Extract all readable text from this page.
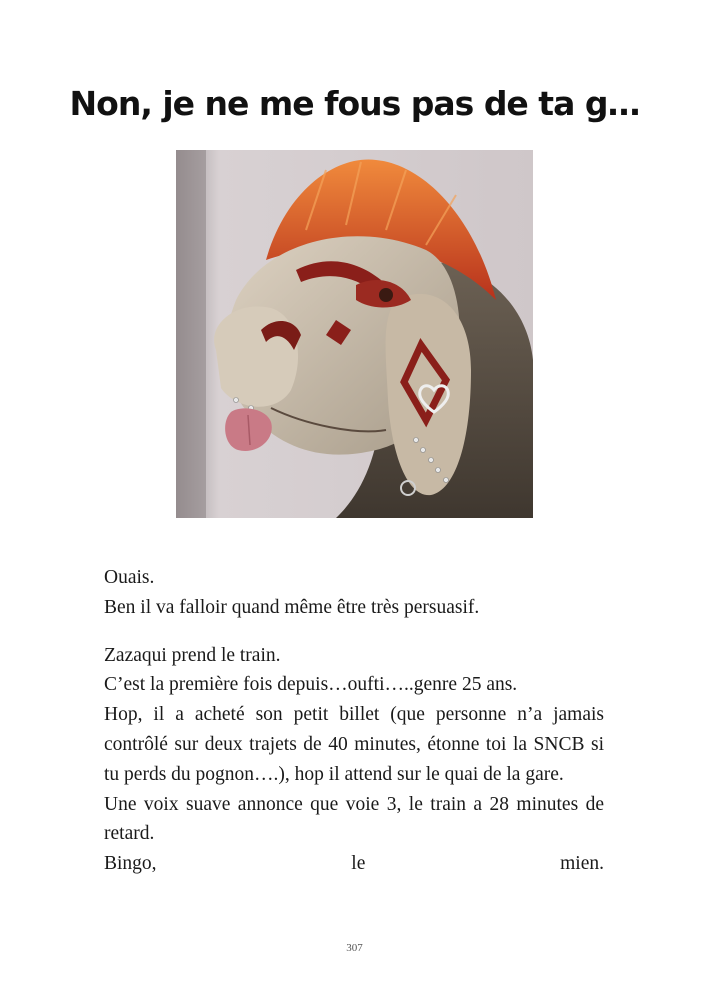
Non, je ne me fous pas de ta g…

Ouais.

Ben il va falloir quand même être très persuasif.

Zazaqui prend le train.

C’est la première fois depuis…oufti…..genre 25 ans.

Hop, il a acheté son petit billet (que personne n’a jamais contrôlé sur deux trajets de 40 minutes, étonne toi la SNCB si tu perds du pognon….), hop il attend sur le quai de la gare.

Une voix suave annonce que voie 3, le train a 28 minutes de retard.

Bingo,	le	mien.

307
